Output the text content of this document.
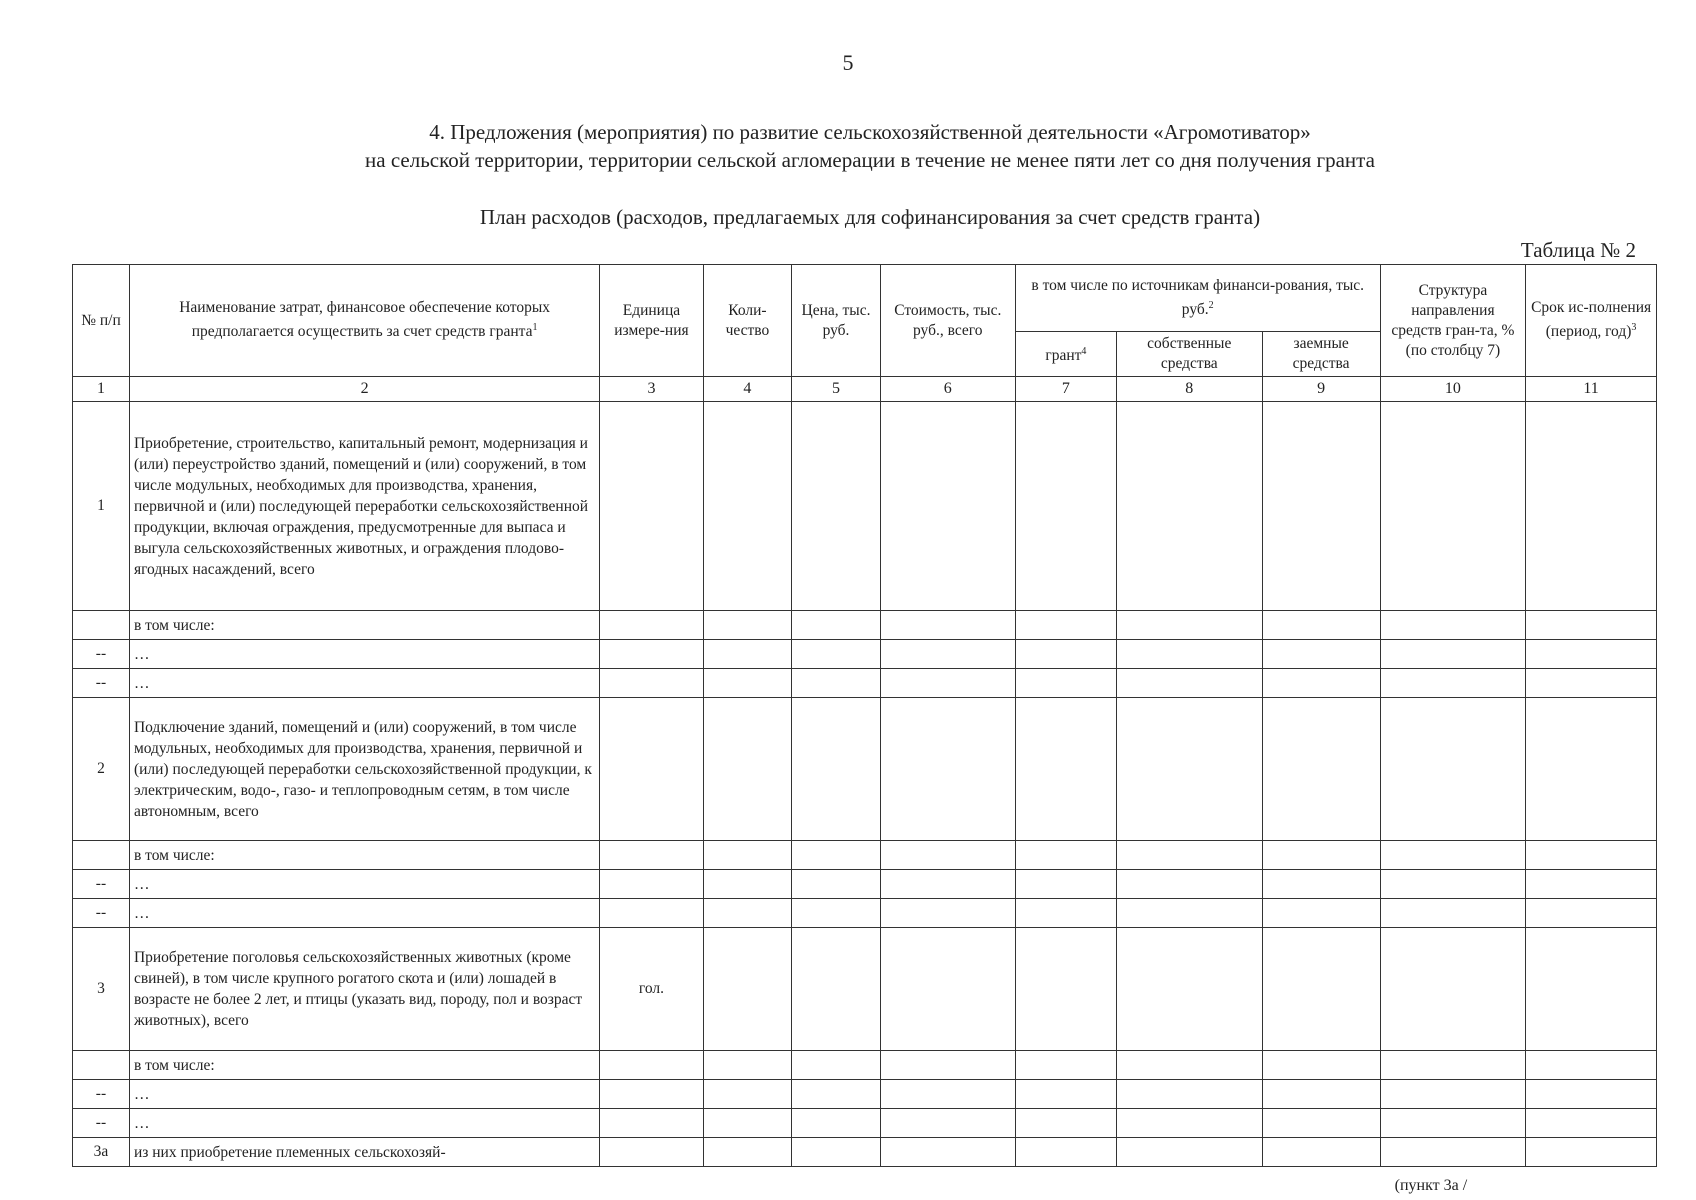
5
4. Предложения (мероприятия) по развитие сельскохозяйственной деятельности «Агромотиватор»
на сельской территории, территории сельской агломерации в течение не менее пяти лет со дня получения гранта
План расходов (расходов, предлагаемых для софинансирования за счет средств гранта)
Таблица № 2
№ п/п	Наименование затрат, финансовое обеспечение которых предполагается осуществить за счет средств гранта$^1$	Единица измере-ния	Коли-чество	Цена, тыс. руб.	Стоимость, тыс. руб., всего	в том числе по источникам финанси-рования, тыс. руб.$^2$			Структура направления средств гран-та, % (по столбцу 7)	Срок ис-полнения (период, год)$^3$
						грант$^4$	собственные средства	заемные средства		
1	2	3	4	5	6	7	8	9	10	11
1	Приобретение, строительство, капитальный ремонт, модернизация и (или) переустройство зданий, помещений и (или) сооружений, в том числе модульных, необходимых для производства, хранения, первичной и (или) последующей переработки сельскохозяйственной продукции, включая ограждения, предусмотренные для выпаса и выгула сельскохозяйственных животных, и ограждения плодово-ягодных насаждений, всего									
	в том числе:									
--	…									
--	…									
2	Подключение зданий, помещений и (или) сооружений, в том числе модульных, необходимых для производства, хранения, первичной и (или) последующей переработки сельскохозяйственной продукции, к электрическим, водо-, газо- и теплопроводным сетям, в том числе автономным, всего									
	в том числе:									
--	…									
--	…									
3	Приобретение поголовья сельскохозяйственных животных (кроме свиней), в том числе крупного рогатого скота и (или) лошадей в возрасте не более 2 лет, и птицы (указать вид, породу, пол и возраст животных), всего	гол.								
	в том числе:									
--	…									
--	…									
3а	из них приобретение племенных сельскохозяй-								(пункт 3а /	
